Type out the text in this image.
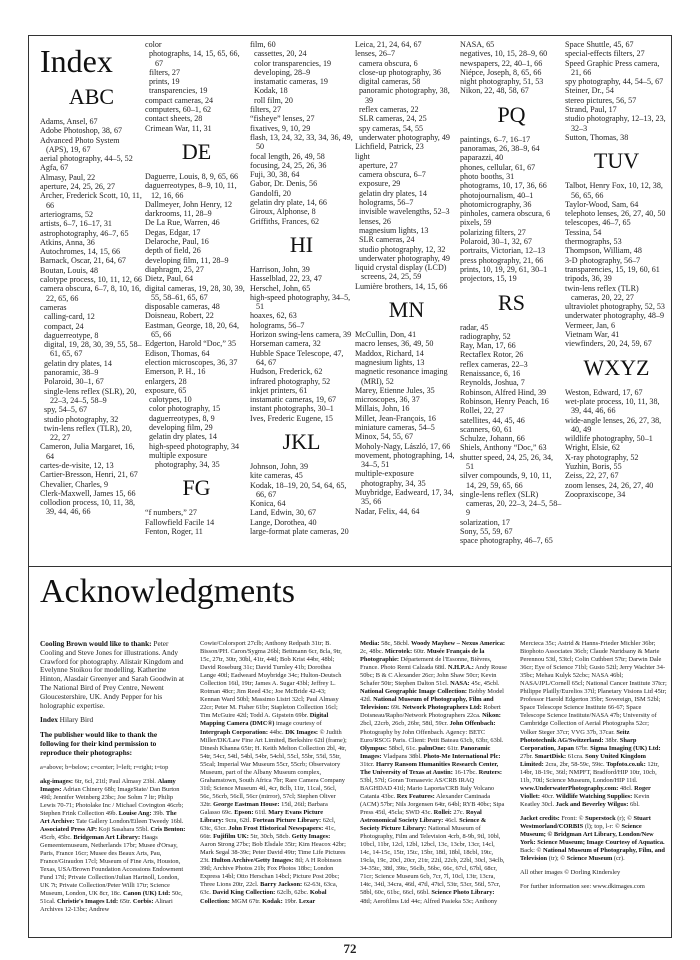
Index
ABC
Adams, Ansel, 67
Adobe Photoshop, 38, 67
Advanced Photo System (APS), 19, 67
aerial photography, 44–5, 52
Agfa, 67
Almasy, Paul, 22
aperture, 24, 25, 26, 27
Archer, Frederick Scott, 10, 11, 66
arteriograms, 52
artists, 6–7, 16–17, 31
astrophotography, 46–7, 65
Atkins, Anna, 36
Autochromes, 14, 15, 66
Barnack, Oscar, 21, 64, 67
Boutan, Louis, 48
calotype process, 10, 11, 12, 66
camera obscura, 6–7, 8, 10, 16, 22, 65, 66
cameras
calling-card, 12
compact, 24
daguerreotype, 8
digital, 19, 28, 30, 39, 55, 58–61, 65, 67
gelatin dry plates, 14
panoramic, 38–9
Polaroid, 30–1, 67
single-lens reflex (SLR), 20, 22–3, 24–5, 58–9
spy, 54–5, 67
studio photography, 32
twin-lens reflex (TLR), 20, 22, 27
Cameron, Julia Margaret, 16, 64
cartes-de-visite, 12, 13
Cartier-Bresson, Henri, 21, 67
Chevalier, Charles, 9
Clerk-Maxwell, James 15, 66
collodion process, 10, 11, 38, 39, 44, 46, 66
color
photographs, 14, 15, 65, 66, 67
filters, 27
prints, 19
transparencies, 19
compact cameras, 24
computers, 60–1, 62
contact sheets, 28
Crimean War, 11, 31
DE
Daguerre, Louis, 8, 9, 65, 66
daguerreotypes, 8–9, 10, 11, 12, 16, 66
Dallmeyer, John Henry, 12
darkrooms, 11, 28–9
De La Rue, Warren, 46
Degas, Edgar, 17
Delaroche, Paul, 16
depth of field, 26
developing film, 11, 28–9
diaphragm, 25, 27
Dietz, Paul, 64
digital cameras, 19, 28, 30, 39, 55, 58–61, 65, 67
disposable cameras, 48
Doisneau, Robert, 22
Eastman, George, 18, 20, 64, 65, 66
Edgerton, Harold “Doc,” 35
Edison, Thomas, 64
election microscopes, 36, 37
Emerson, P. H., 16
enlargers, 28
exposure, 65
calotypes, 10
color photography, 15
daguerreotypes, 8, 9
developing film, 29
gelatin dry plates, 14
high-speed photography, 34
multiple exposure photography, 34, 35
FG
“f numbers,” 27
Fallowfield Facile 14
Fenton, Roger, 11
film, 60
cassettes, 20, 24
color transparencies, 19
developing, 28–9
instamatic cameras, 19
Kodak, 18
roll film, 20
filters, 27
“fisheye” lenses, 27
fixatives, 9, 10, 29
flash, 13, 24, 32, 33, 34, 36, 49, 50
focal length, 26, 49, 58
focusing, 24, 25, 26, 36
Fuji, 30, 38, 64
Gabor, Dr. Denis, 56
Gandolfi, 20
gelatin dry plate, 14, 66
Giroux, Alphonse, 8
Griffiths, Frances, 62
HI
Harrison, John, 39
Hasselblad, 22, 23, 47
Herschel, John, 65
high-speed photography, 34–5, 51
hoaxes, 62, 63
holograms, 56–7
Horizon swing-lens camera, 39
Horseman camera, 32
Hubble Space Telescope, 47, 64, 67
Hudson, Frederick, 62
infrared photography, 52
inkjet printers, 61
instamatic cameras, 19, 67
instant photographs, 30–1
Ives, Frederic Eugene, 15
JKL
Johnson, John, 39
kite cameras, 45
Kodak, 18–19, 20, 54, 64, 65, 66, 67
Konica, 64
Land, Edwin, 30, 67
Lange, Dorothea, 40
large-format plate cameras, 20
Leica, 21, 24, 64, 67
lenses, 26–7
camera obscura, 6
close-up photography, 36
digital cameras, 58
panoramic photography, 38, 39
reflex cameras, 22
SLR cameras, 24, 25
spy cameras, 54, 55
underwater photography, 49
Lichfield, Patrick, 23
light
aperture, 27
camera obscura, 6–7
exposure, 29
gelatin dry plates, 14
holograms, 56–7
invisible wavelengths, 52–3
lenses, 26
magnesium lights, 13
SLR cameras, 24
studio photography, 12, 32
underwater photography, 49
liquid crystal display (LCD) screens, 24, 25, 59
Lumière brothers, 14, 15, 66
MN
McCullin, Don, 41
macro lenses, 36, 49, 50
Maddox, Richard, 14
magnesium lights, 13
magnetic resonance imaging (MRI), 52
Marey, Etienne Jules, 35
microscopes, 36, 37
Millais, John, 16
Millet, Jean-François, 16
miniature cameras, 54–5
Minox, 54, 55, 67
Moholy-Nagy, László, 17, 66
movement, photographing, 14, 34–5, 51
multiple-exposure photography, 34, 35
Muybridge, Eadweard, 17, 34, 35, 66
Nadar, Felix, 44, 64
NASA, 65
negatives, 10, 15, 28–9, 60
newspapers, 22, 40–1, 66
Niépce, Joseph, 8, 65, 66
night photography, 51, 53
Nikon, 22, 48, 58, 67
PQ
paintings, 6–7, 16–17
panoramas, 26, 38–9, 64
paparazzi, 40
phones, cellular, 61, 67
photo booths, 31
photograms, 10, 17, 36, 66
photojournalism, 40–1
photomicrography, 36
pinholes, camera obscura, 6
pixels, 59
polarizing filters, 27
Polaroid, 30–1, 32, 67
portraits, Victorian, 12–13
press photography, 21, 66
prints, 10, 19, 29, 61, 30–1
projectors, 15, 19
RS
radar, 45
radiography, 52
Ray, Man, 17, 66
Rectaflex Rotor, 26
reflex cameras, 22–3
Renaissance, 6, 16
Reynolds, Joshua, 7
Robinson, Alfred Hind, 39
Robinson, Henry Peach, 16
Rollei, 22, 27
satellites, 44, 45, 46
scanners, 60, 61
Schulze, Johann, 66
Shiels, Anthony “Doc,” 63
shutter speed, 24, 25, 26, 34, 51
silver compounds, 9, 10, 11, 14, 29, 59, 65, 66
single-lens reflex (SLR) cameras, 20, 22–3, 24–5, 58–9
solarization, 17
Sony, 55, 59, 67
space photography, 46–7, 65
Space Shuttle, 45, 67
special-effects filters, 27
Speed Graphic Press camera, 21, 66
spy photography, 44, 54–5, 67
Steiner, Dr., 54
stereo pictures, 56, 57
Strand, Paul, 17
studio photography, 12–13, 23, 32–3
Sutton, Thomas, 38
TUV
Talbot, Henry Fox, 10, 12, 38, 56, 65, 66
Taylor-Wood, Sam, 64
telephoto lenses, 26, 27, 40, 50
telescopes, 46–7, 65
Tessina, 54
thermographs, 53
Thompson, William, 48
3-D photography, 56–7
transparencies, 15, 19, 60, 61
tripods, 36, 39
twin-lens reflex (TLR) cameras, 20, 22, 27
ultraviolet photography, 52, 53
underwater photography, 48–9
Vermeer, Jan, 6
Vietnam War, 41
viewfinders, 20, 24, 59, 67
WXYZ
Weston, Edward, 17, 67
wet-plate process, 10, 11, 38, 39, 44, 46, 66
wide-angle lenses, 26, 27, 38, 40, 49
wildlife photography, 50–1
Wright, Elsie, 62
X-ray photography, 52
Yuzhin, Boris, 55
Zeiss, 22, 27, 67
zoom lenses, 24, 26, 27, 40
Zoopraxiscope, 34
Acknowledgments

Cooling Brown would like to thank: Peter Cooling and Steve Jones for illustrations. Andy Crawford for photography. Alistair Kingdom and Evelynne Stoikou for modelling. Katherine Hinton, Alasdair Greenyer and Sarah Goodwin at The National Bird of Prey Centre, Newent Gloucestershire, UK. Andy Pepper for his holographic expertise.

Index Hilary Bird

The publisher would like to thank the following for their kind permission to reproduce their photographs:

a=above; b=below; c=center; l=left; r=right; t=top

akg-images: 6tr, 6cl, 21tl; Paul Almasy 23bl. Alamy Images: Adrian Chinery 68b; ImageState/ Dan Burton 49tl; Jennifer Weinberg 23bc; Joe Sohm 7 ltr; Philip Lewis 70-71; Photolake Inc / Michael Covington 46crb; Stephen Frink Collection 49b. Louise Ang: 39b. The Art Archive: Tate Gallery London/Eileen Tweedy 16bl. Associated Press AP: Koji Sasahara 55bl. Cris Benton: 45crb, 45bc. Bridgeman Art Library: Haags Gemeentemuseum, Netherlands 17br; Musee d'Orsay, Paris, France 16cr; Musee des Beaux Arts, Pau, France/Giraudon 17cl; Museum of Fine Arts, Houston, Texas, USA/Brown Foundation Accessions Endowment Fund 17tl; Private Collection/Julian Hartnoll, London, UK 7t; Private Collection/Peter Willi 17tr; Science Museum, London, UK 8cr, 18c. Canon (UK) Ltd: 50c, 51cal. Christie's Images Ltd: 65tr. Corbis: Alinari Archives 12-13bc; Andrew

Cowie/Colorsport 27clb; Anthony Redpath 31tr; B. Bisson/PH. Caron/Sygma 26bl; Bettmann 6cr, 8cla, 9tr, 15c, 27tr, 30tr, 30bl, 41tr, 44tl; Bob Krist 44br, 48bl; David Roseburg 31c; David Turnley 41b; Dorothea Lange 40tl; Eadweard Muybridge 34c; Hulton-Deutsch Collection 16tl, 19tr; James A. Sugar 43bl; Jeffrey L. Rotman 48cr; Jim Reed 43c; Joe McBride 42-43; Kennan Ward 50bl; Massimo Listri 32cl; Paul Almasy 22cr; Peter M. Fisher 61br; Stapleton Collection 16cl; Tim McGuire 42tl; Todd A. Gipstein 69br. Digital Mapping Camera (DMC®) image courtesy of Intergraph Corporation: 44bc. DK Images: © Judith Miller/DK/Law Fine Art Limited, Berkshire 62tl (frame); Dinesh Khanna 65tr; H. Keith Melton Collection 2bl, 4tr, 54tr, 54cr, 54tl, 54bl, 54br, 54cbl, 55cl, 55br, 55tl, 55tr, 55cal; Imperial War Museum 55cr, 55crb; Observatory Museum, part of the Albany Museum complex, Grahamstown, South Africa 7br; Rare Camera Company 31tl; Science Museum 4tl, 4cr, 8clb, 11tr, 11cal, 56cl, 56c, 56crb, 56cll, 56cr (mirror), 57cl; Stephen Oliver 32tr. George Eastman House: 15tl, 26tl; Barbara Galasso 69c. Epson: 61tl. Mary Evans Picture Library: 9cra, 62tl. Fortean Picture Library: 62cl, 63tc, 63cr. John Frost Historical Newspapers: 41c, 66tr. Fujifilm UK: 5tr, 30cb, 58cb. Getty Images: Aaron Strong 27bc; Bob Elsdale 35tr; Kim Heacox 42br; Mark Segal 38-39c; Peter David 49tr; Time Life Pictures 23t. Hulton Archive/Getty Images: 8tl; A H Robinson 39tl; Archive Photos 21b; Fox Photos 18bc; London Express 14bl; Otto Herschan 14bcl; Picture Post 20bc; Three Lions 20tr, 22cl. Barry Jackson: 62-63t, 63ca, 63c. David King Collection: 62clb, 62bc. Kobal Collection: MGM 67tr. Kodak: 19br. Lexar

Media: 58c, 58cbl. Woody Mayhew – Nexus America: 2c, 48bc. Microtek: 60tr. Musée Français de la Photographie: Département de l'Essonne, Bièvres, France. Photo Remi Calzada 68tl. N.H.P.A.: Andy Rouse 50bc; B & C Alexander 26cr; John Shaw 50cr; Kevin Schafer 50tr; Stephen Dalton 51cl. NASA: 45c, 45cbl. National Geographic Image Collection: Bobby Model 42tl. National Museum of Photography, Film and Television: 69t. Network Photographers Ltd: Robert Doisneau/Rapho/Network Photographers 22ca. Nikon: 2bcl, 22crb, 26cb, 26br, 58tl, 59cr. John Offenbach: Photography by John Offenbach. Agency: BETC Euro/RSCG Paris. Client: Petit Bateau 63cb, 63br, 63bl. Olympus: 58bcl, 61c. palmOne: 61tr. Panoramic Images: Vladpans 38bl. Photo-Me International Plc: 31tcr. Harry Ransom Humanities Research Center, The University of Texas at Austin: 16-17bc. Reuters: 53bl, 57tl; Goran Tomasevic AS/CRB IRAQ BAGHDAD 41tl; Mario Laporta/CRB Italy Volcano Catania 43bc. Rex Features: Alexander Caminada (ACM) 57br; Nils Jorgensen 64tr, 64bl; RYB 40bc; Sipa Press 45tl, 45cla; SWD 43c. Rollei: 27c. Royal Astronomical Society Library: 46cl. Science & Society Picture Library: National Museum of Photography, Film and Television 4crb, 8-9b, 9tl, 10bl, 10bcl, 11br, 12cl, 12bl, 12bcl, 13c, 13cbr, 13cr, 14cl, 14c, 14-15c, 15tr, 15tc, 15br, 18tl, 18bl, 18cbl, 19tc, 19cla, 19c, 20cl, 20cr, 21tr, 22tl, 22cb, 22bl, 30cl, 34clb, 34-35tc, 38tl, 39tc, 56clb, 56bc, 66c, 67cl, 67bl, 68cr, 71cr; Science Museum 6cb, 7cr, 7l, 10cl, 13tr, 13cra, 14tc, 34tl, 34cra, 46tl, 47tl, 47tcl, 53tr, 53cr, 56tl, 57cr, 58bl, 60c, 61bc, 66cl, 66bl. Science Photo Library: 48tl; Aerofilms Ltd 44c; Alfred Pasieka 53c; Anthony

Mercieca 35c; Astrid & Hanns-Frieder Michler 36br; Biophoto Associates 36cb; Claude Nuridsany & Marie Perennou 53tl, 53tcl; Colin Cuthbert 57tr; Darwin Dale 36cr; Eye of Science 71bl; Gusto 52tl; Jerry Wachter 34-35bc; Mehau Kulyk 52cbc; NASA 46bl; NASA/JPL/Cornell 65cl; National Cancer Institute 37tcr; Philippe Plailly/Eurelios 37tl; Planetary Visions Ltd 45tr; Professor Harold Edgerton 35br; Sovereign, ISM 52bl; Space Telescope Science Institute 66-67; Space Telescope Science Institute/NASA 47b; University of Cambridge Collection of Aerial Photographs 52cr; Volker Steger 37cr; VVG 37b, 37car. Seitz Phototechnik AG/Switzerland: 38br. Sharp Corporation, Japan 67br. Sigma Imaging (UK) Ltd: 27br. SmartDisk: 61cra. Sony United Kingdom Limited: 2cra, 2br, 58-59c, 59tc. Topfoto.co.uk: 12tr, 14br, 18-19c, 36tl; NMPFT, Bradford/HIP 10tr, 10cb, 11b, 70tl; Science Museum, London/HIP 11tl. www.UnderwaterPhotography.com: 48cl. Roger Viollet: 40cr. Wildlife Watching Supplies: Kevin Keatley 30cl. Jack and Beverley Wilgus: 6bl.

Jacket credits: Front: © Superstock (r); © Stuart Westmorland/CORBIS (l); top, l-r: © Science Museum; © Bridgman Art Library, London/New York: Science Museum; Image Courtesy of Aquatica. Back: © National Museum of Photography, Film, and Television (tr); © Science Museum (cr).

All other images © Dorling Kindersley

For further information see: www.dkimages.com

72
